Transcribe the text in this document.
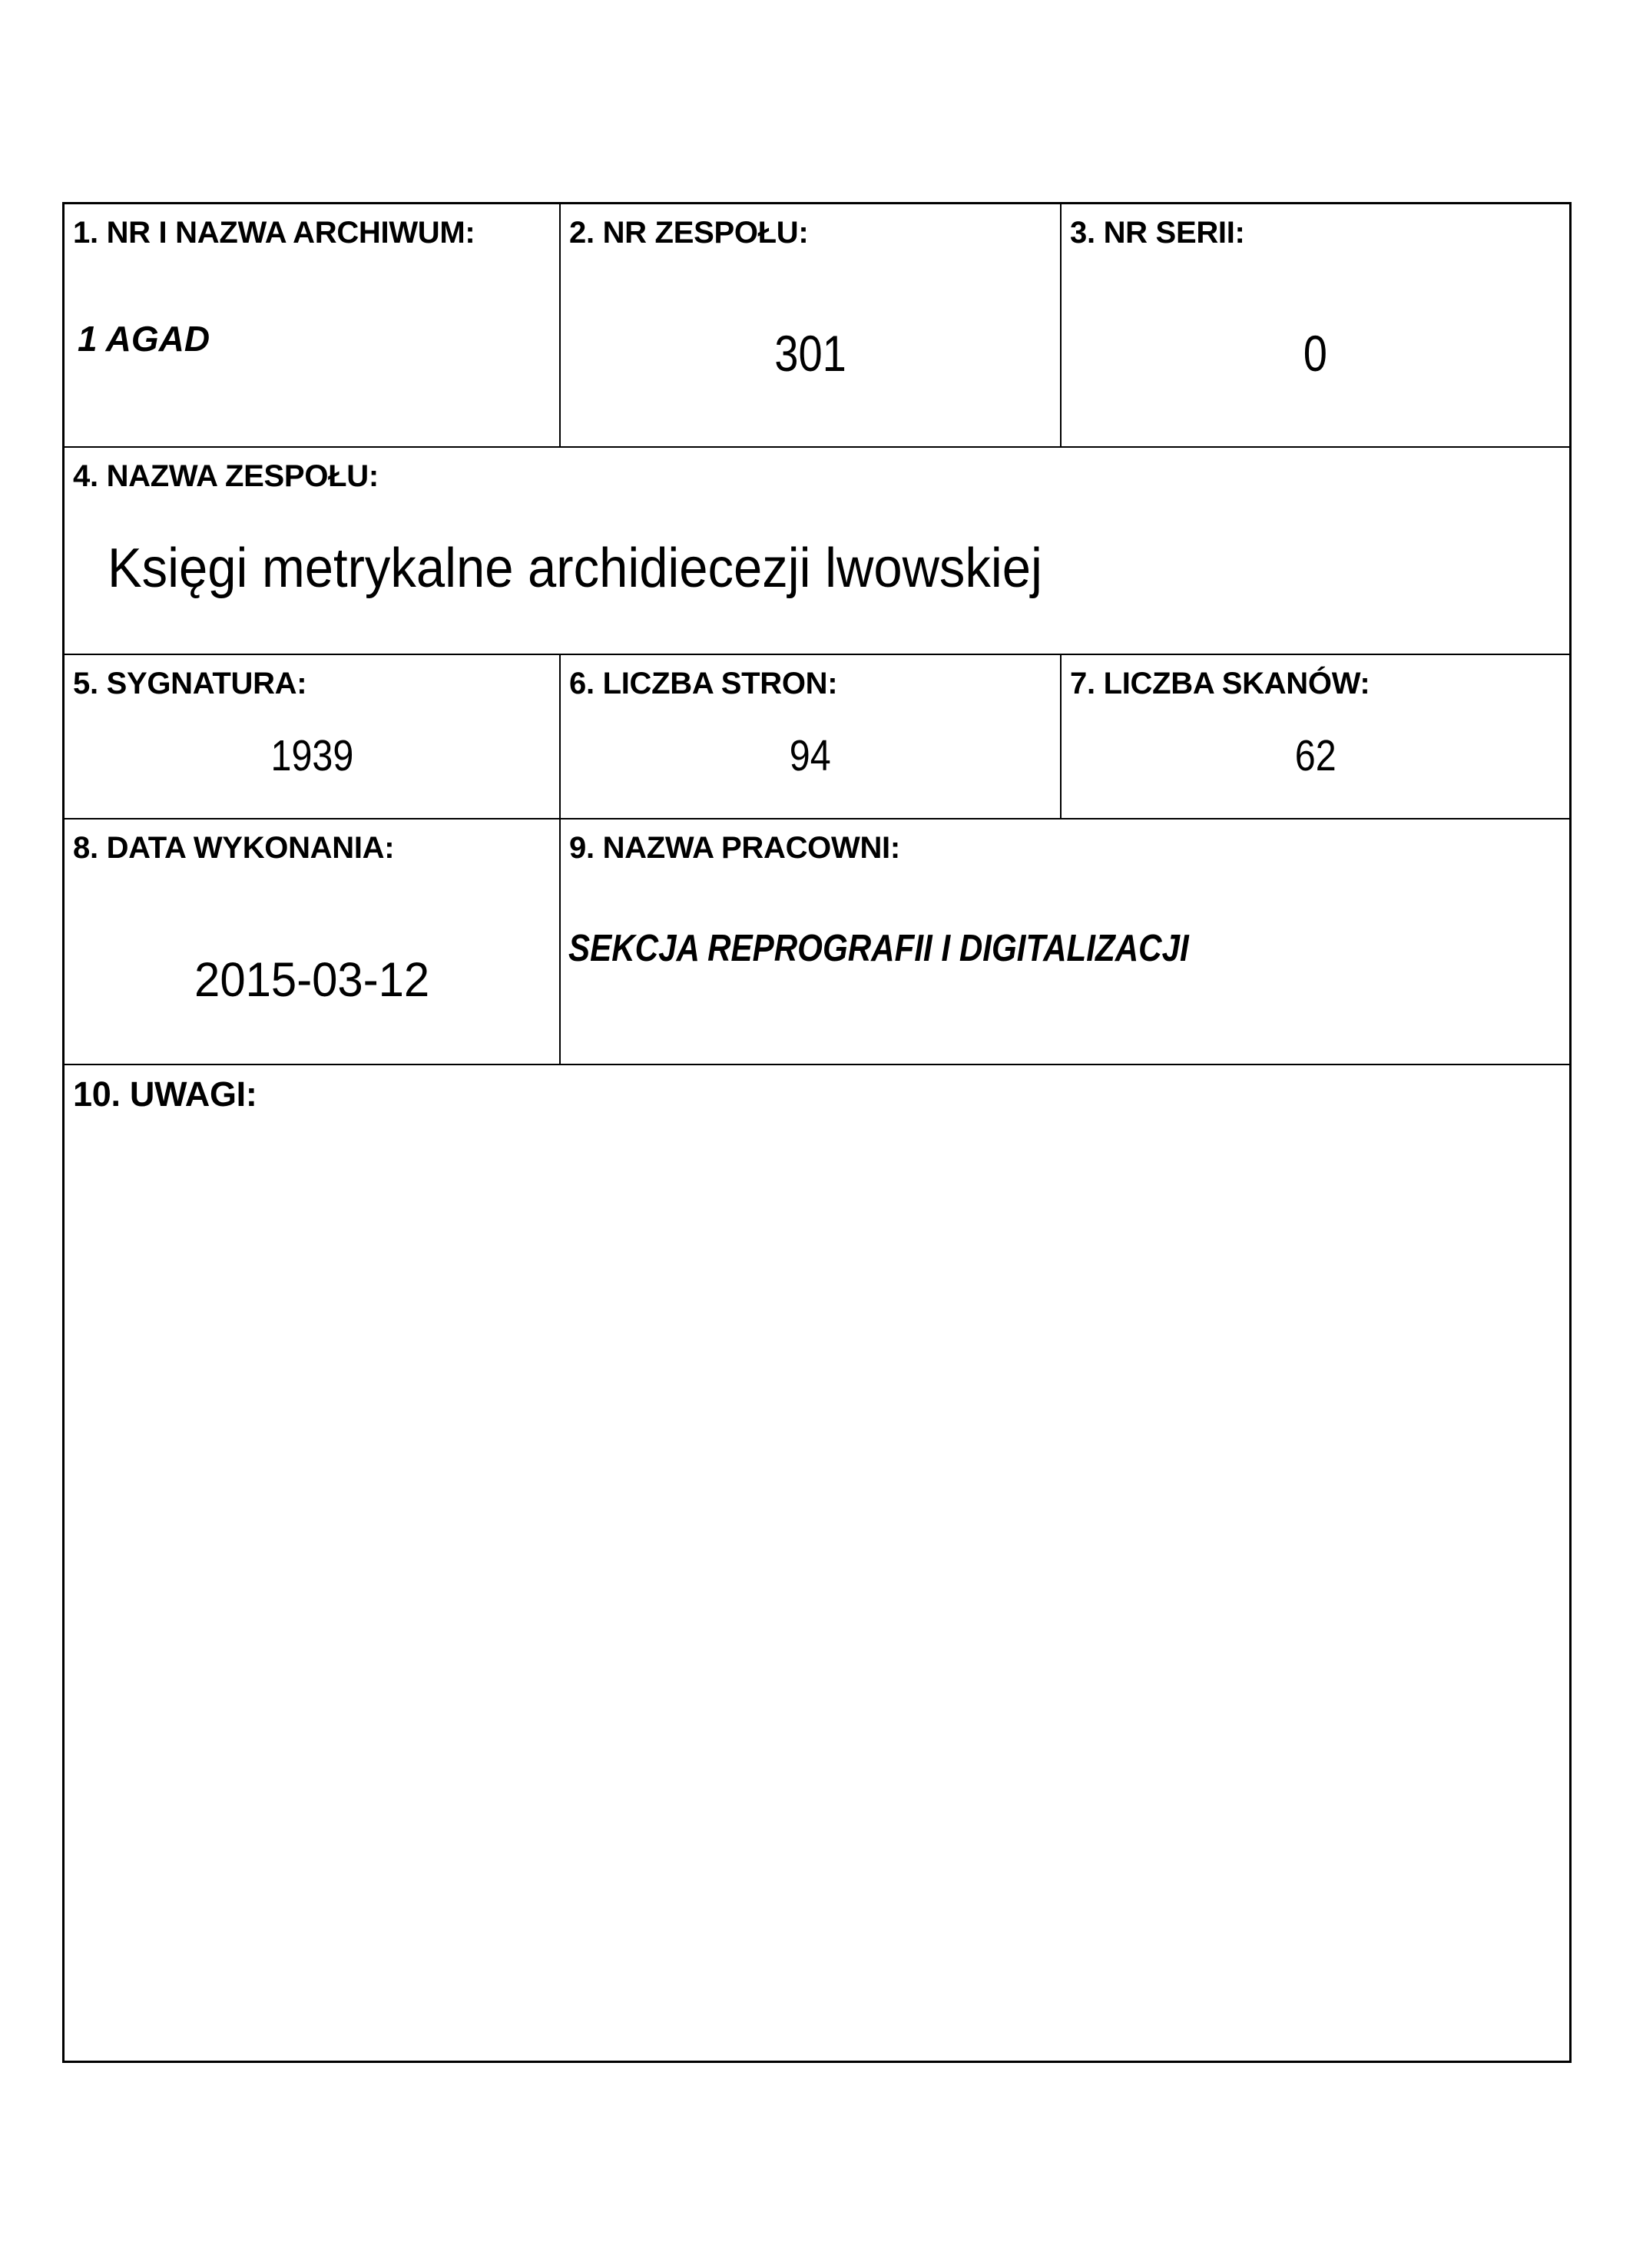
1. NR I NAZWA ARCHIWUM:
1 AGAD
2. NR ZESPOŁU:
301
3. NR SERII:
0
4. NAZWA ZESPOŁU:
Księgi metrykalne archidiecezji lwowskiej
5. SYGNATURA:
1939
6. LICZBA STRON:
94
7. LICZBA SKANÓW:
62
8. DATA WYKONANIA:
2015-03-12
9. NAZWA PRACOWNI:
SEKCJA REPROGRAFII I DIGITALIZACJI
10. UWAGI:
